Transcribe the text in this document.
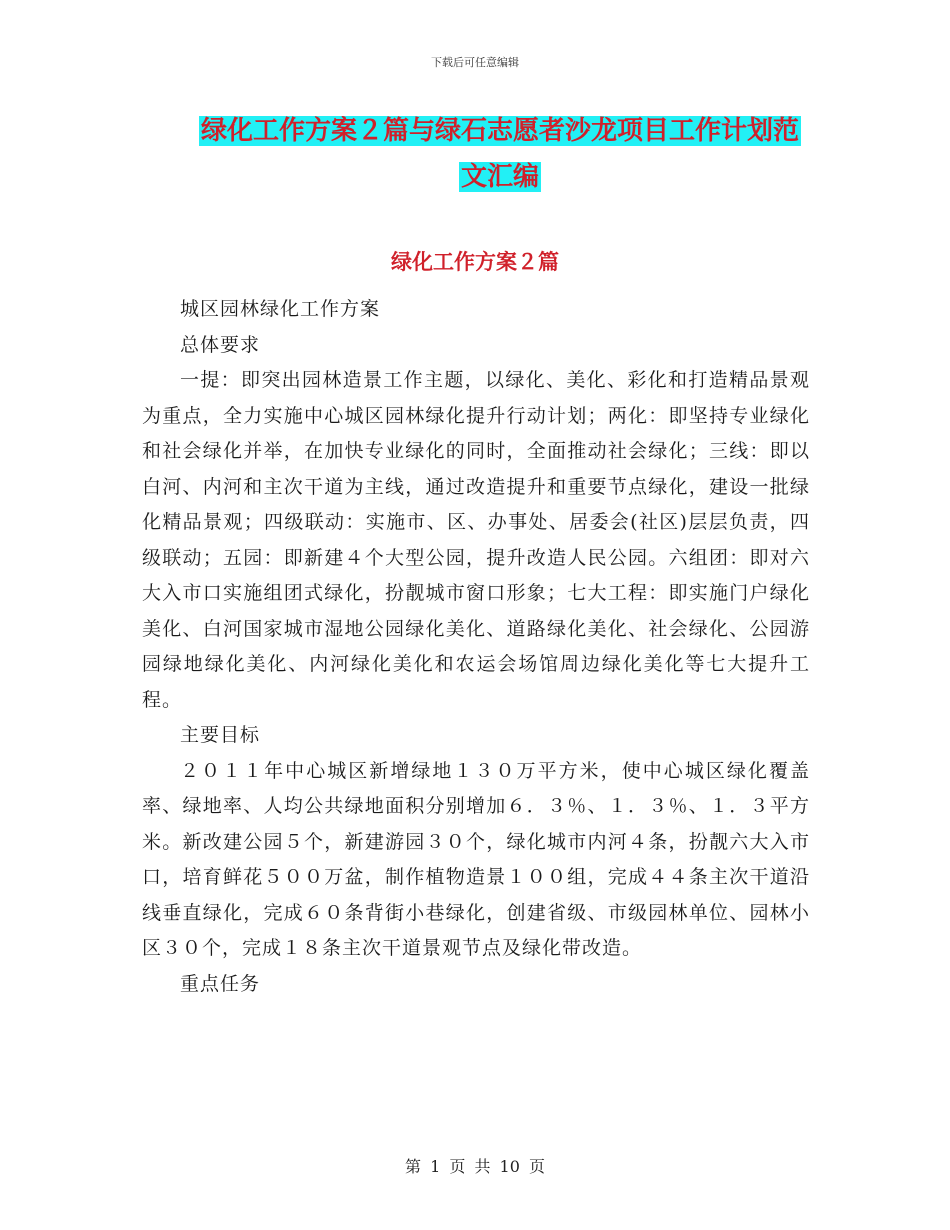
下载后可任意编辑
绿化工作方案２篇与绿石志愿者沙龙项目工作计划范
文汇编
绿化工作方案２篇

城区园林绿化工作方案

总体要求

一提：即突出园林造景工作主题，以绿化、美化、彩化和打造精品景观为重点，全力实施中心城区园林绿化提升行动计划；两化：即坚持专业绿化和社会绿化并举，在加快专业绿化的同时，全面推动社会绿化；三线：即以白河、内河和主次干道为主线，通过改造提升和重要节点绿化，建设一批绿化精品景观；四级联动：实施市、区、办事处、居委会(社区)层层负责，四级联动；五园：即新建４个大型公园，提升改造人民公园。六组团：即对六大入市口实施组团式绿化，扮靓城市窗口形象；七大工程：即实施门户绿化美化、白河国家城市湿地公园绿化美化、道路绿化美化、社会绿化、公园游园绿地绿化美化、内河绿化美化和农运会场馆周边绿化美化等七大提升工程。

主要目标

２０１１年中心城区新增绿地１３０万平方米，使中心城区绿化覆盖率、绿地率、人均公共绿地面积分别增加６．３％、１．３％、１．３平方米。新改建公园５个，新建游园３０个，绿化城市内河４条，扮靓六大入市口，培育鲜花５００万盆，制作植物造景１００组，完成４４条主次干道沿线垂直绿化，完成６０条背街小巷绿化，创建省级、市级园林单位、园林小区３０个，完成１８条主次干道景观节点及绿化带改造。

重点任务

第 1 页 共 10 页
